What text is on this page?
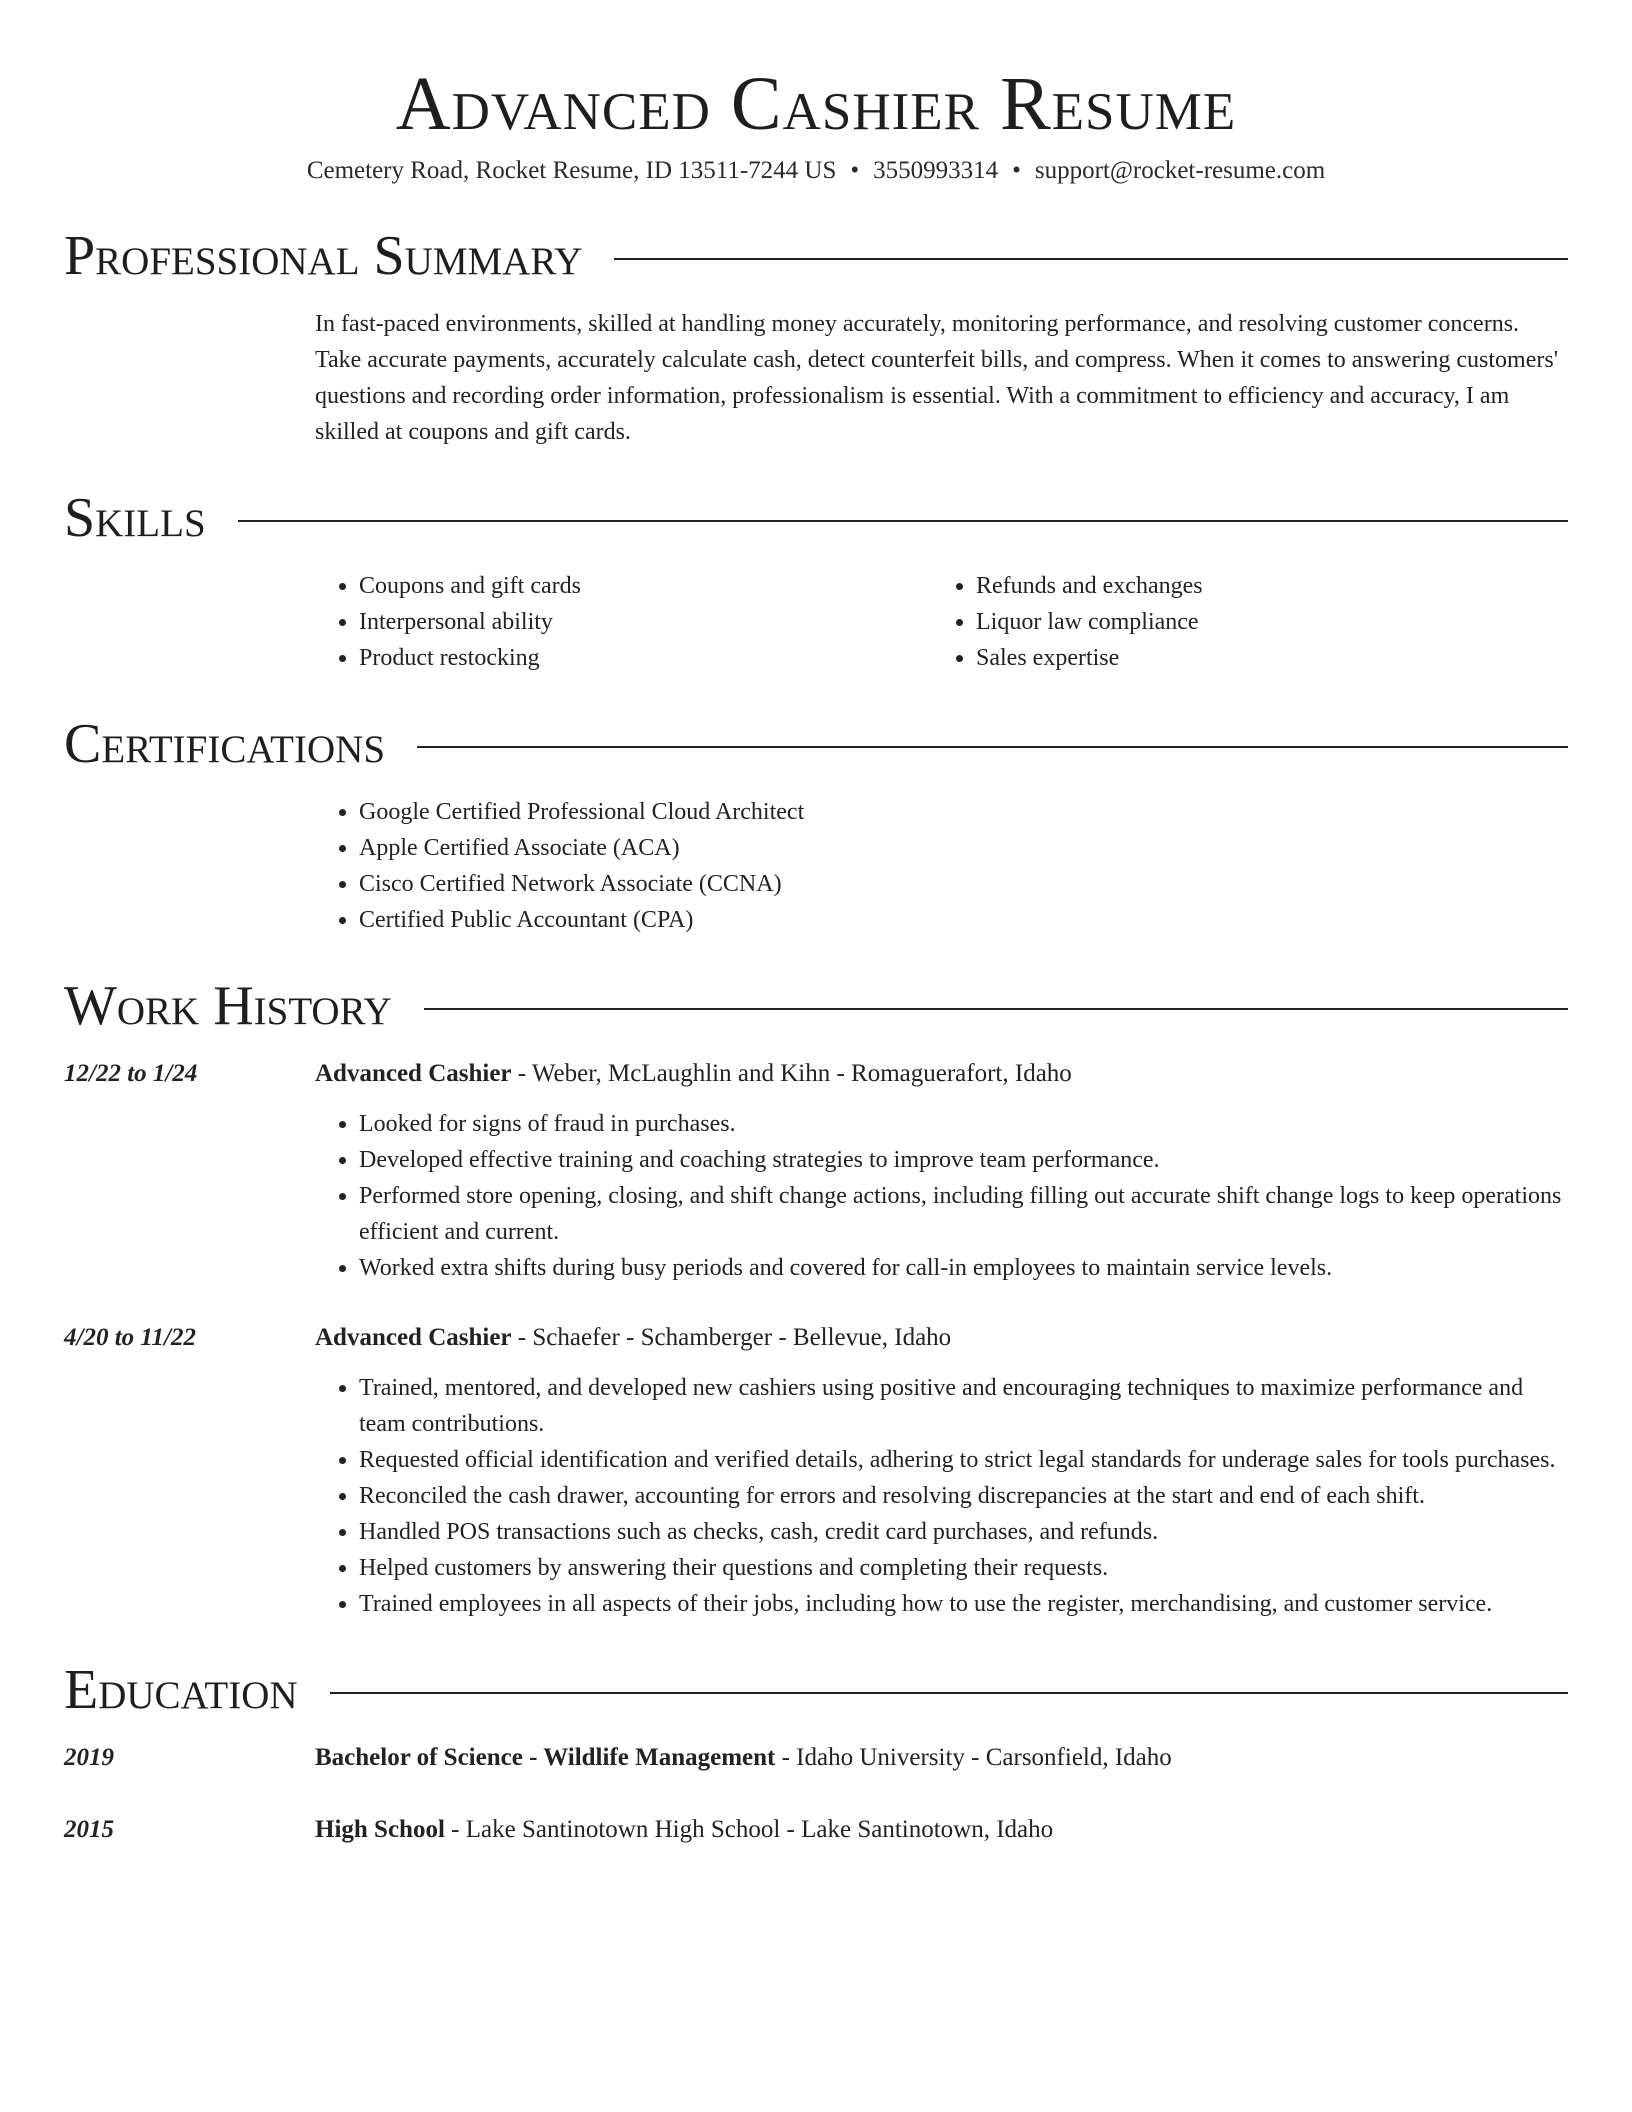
Advanced Cashier Resume
Cemetery Road, Rocket Resume, ID 13511-7244 US • 3550993314 • support@rocket-resume.com
Professional Summary
In fast-paced environments, skilled at handling money accurately, monitoring performance, and resolving customer concerns. Take accurate payments, accurately calculate cash, detect counterfeit bills, and compress. When it comes to answering customers' questions and recording order information, professionalism is essential. With a commitment to efficiency and accuracy, I am skilled at coupons and gift cards.
Skills
• Coupons and gift cards
• Interpersonal ability
• Product restocking
• Refunds and exchanges
• Liquor law compliance
• Sales expertise
Certifications
• Google Certified Professional Cloud Architect
• Apple Certified Associate (ACA)
• Cisco Certified Network Associate (CCNA)
• Certified Public Accountant (CPA)
Work History
12/22 to 1/24	Advanced Cashier - Weber, McLaughlin and Kihn - Romaguerafort, Idaho
• Looked for signs of fraud in purchases.
• Developed effective training and coaching strategies to improve team performance.
• Performed store opening, closing, and shift change actions, including filling out accurate shift change logs to keep operations efficient and current.
• Worked extra shifts during busy periods and covered for call-in employees to maintain service levels.
4/20 to 11/22	Advanced Cashier - Schaefer - Schamberger - Bellevue, Idaho
• Trained, mentored, and developed new cashiers using positive and encouraging techniques to maximize performance and team contributions.
• Requested official identification and verified details, adhering to strict legal standards for underage sales for tools purchases.
• Reconciled the cash drawer, accounting for errors and resolving discrepancies at the start and end of each shift.
• Handled POS transactions such as checks, cash, credit card purchases, and refunds.
• Helped customers by answering their questions and completing their requests.
• Trained employees in all aspects of their jobs, including how to use the register, merchandising, and customer service.
Education
2019	Bachelor of Science - Wildlife Management - Idaho University - Carsonfield, Idaho
2015	High School - Lake Santinotown High School - Lake Santinotown, Idaho
